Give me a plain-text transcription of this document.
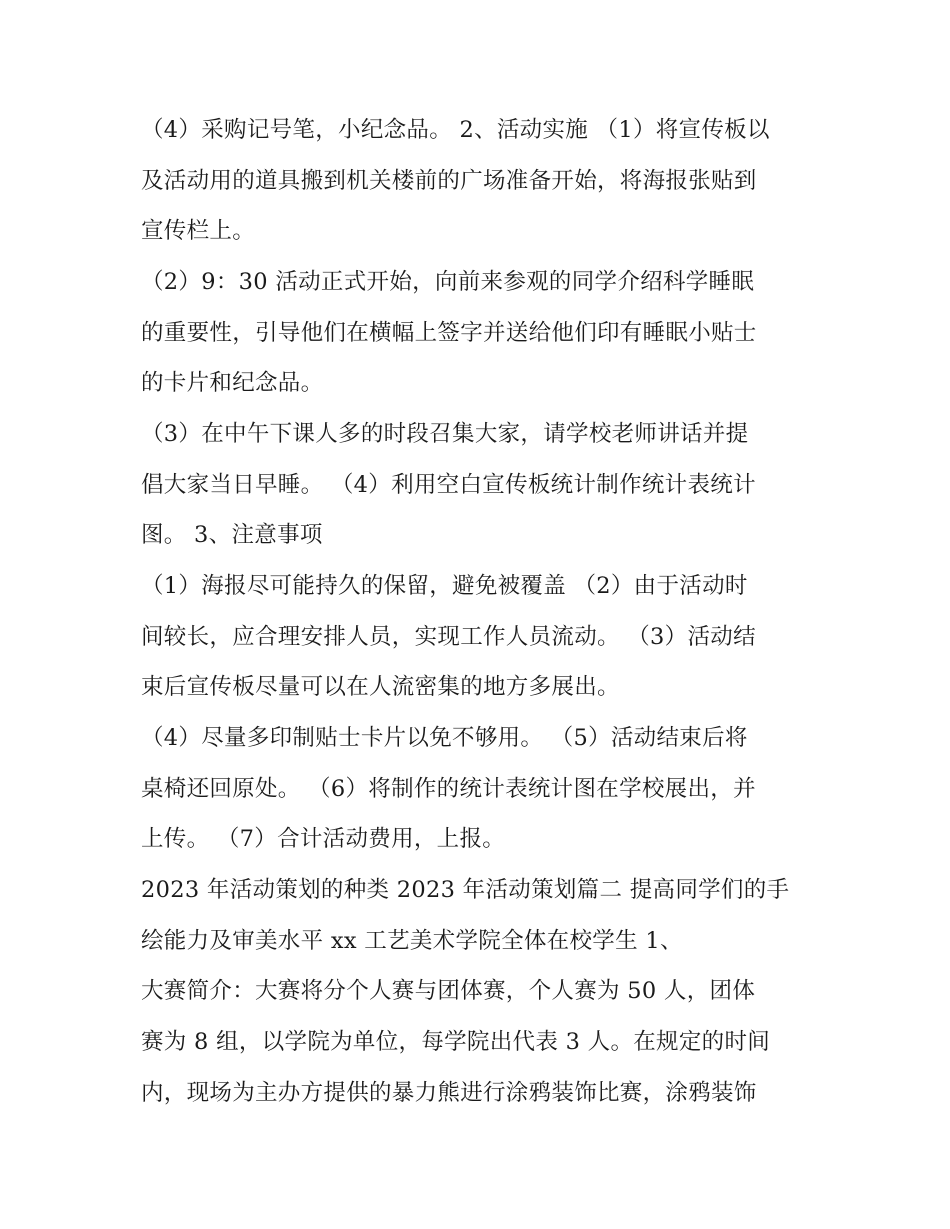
（4）采购记号笔，小纪念品。 2、活动实施 （1）将宣传板以
及活动用的道具搬到机关楼前的广场准备开始，将海报张贴到
宣传栏上。
（2）9：30 活动正式开始，向前来参观的同学介绍科学睡眠
的重要性，引导他们在横幅上签字并送给他们印有睡眠小贴士
的卡片和纪念品。
（3）在中午下课人多的时段召集大家，请学校老师讲话并提
倡大家当日早睡。 （4）利用空白宣传板统计制作统计表统计
图。 3、注意事项
（1）海报尽可能持久的保留，避免被覆盖 （2）由于活动时
间较长，应合理安排人员，实现工作人员流动。 （3）活动结
束后宣传板尽量可以在人流密集的地方多展出。
（4）尽量多印制贴士卡片以免不够用。 （5）活动结束后将
桌椅还回原处。 （6）将制作的统计表统计图在学校展出，并
上传。 （7）合计活动费用，上报。
2023 年活动策划的种类 2023 年活动策划篇二 提高同学们的手
绘能力及审美水平 xx 工艺美术学院全体在校学生 1、
大赛简介：大赛将分个人赛与团体赛，个人赛为 50 人，团体
赛为 8 组，以学院为单位，每学院出代表 3 人。在规定的时间
内，现场为主办方提供的暴力熊进行涂鸦装饰比赛，涂鸦装饰
